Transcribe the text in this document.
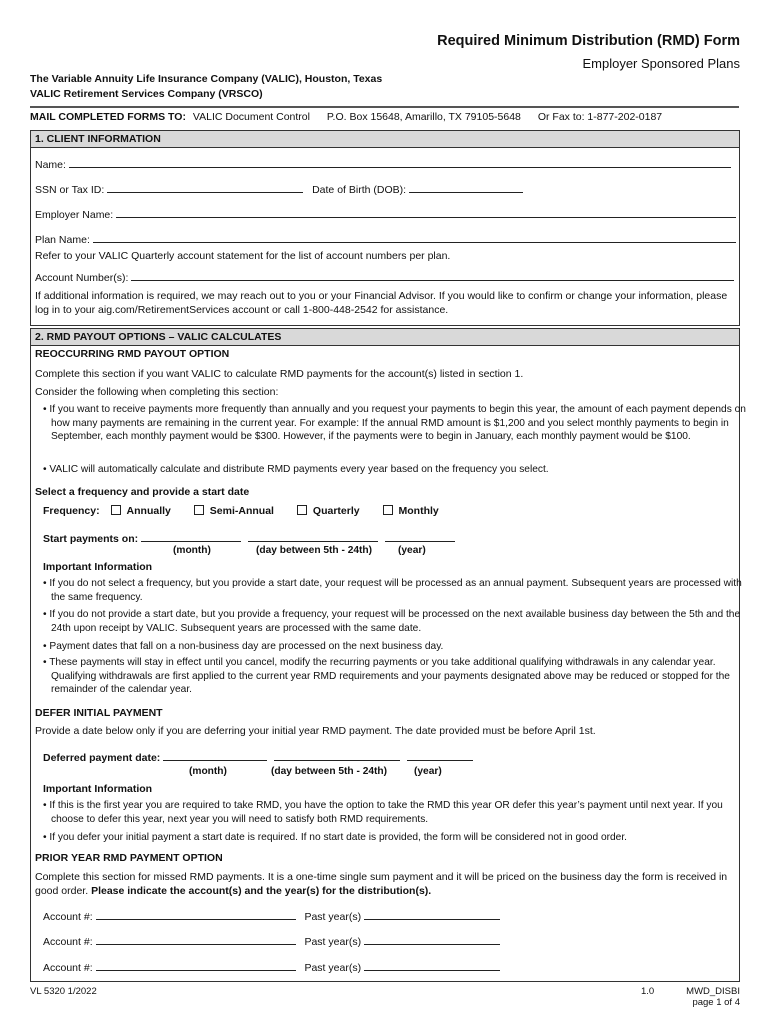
Required Minimum Distribution (RMD) Form
Employer Sponsored Plans
The Variable Annuity Life Insurance Company (VALIC), Houston, Texas
VALIC Retirement Services Company (VRSCO)
MAIL COMPLETED FORMS TO: VALIC Document Control P.O. Box 15648, Amarillo, TX 79105-5648 Or Fax to: 1-877-202-0187
1. CLIENT INFORMATION
Name:
SSN or Tax ID:	Date of Birth (DOB):
Employer Name:
Plan Name:
Refer to your VALIC Quarterly account statement for the list of account numbers per plan.
Account Number(s):
If additional information is required, we may reach out to you or your Financial Advisor. If you would like to confirm or change your information, please log in to your aig.com/RetirementServices account or call 1-800-448-2542 for assistance.
2. RMD PAYOUT OPTIONS – VALIC CALCULATES
REOCCURRING RMD PAYOUT OPTION
Complete this section if you want VALIC to calculate RMD payments for the account(s) listed in section 1.
Consider the following when completing this section:
• If you want to receive payments more frequently than annually and you request your payments to begin this year, the amount of each payment depends on how many payments are remaining in the current year. For example: If the annual RMD amount is $1,200 and you select monthly payments to begin in September, each monthly payment would be $300. However, if the payments were to begin in January, each monthly payment would be $100.
• VALIC will automatically calculate and distribute RMD payments every year based on the frequency you select.
Select a frequency and provide a start date
Frequency:	Annually	Semi-Annual	Quarterly	Monthly
Start payments on:
(month)	(day between 5th - 24th)	(year)
Important Information
• If you do not select a frequency, but you provide a start date, your request will be processed as an annual payment. Subsequent years are processed with the same frequency.
• If you do not provide a start date, but you provide a frequency, your request will be processed on the next available business day between the 5th and the 24th upon receipt by VALIC. Subsequent years are processed with the same date.
• Payment dates that fall on a non-business day are processed on the next business day.
• These payments will stay in effect until you cancel, modify the recurring payments or you take additional qualifying withdrawals in any calendar year. Qualifying withdrawals are first applied to the current year RMD requirements and your payments designated above may be reduced or stopped for the remainder of the calendar year.
DEFER INITIAL PAYMENT
Provide a date below only if you are deferring your initial year RMD payment. The date provided must be before April 1st.
Deferred payment date:
(month)	(day between 5th - 24th)	(year)
Important Information
• If this is the first year you are required to take RMD, you have the option to take the RMD this year OR defer this year’s payment until next year. If you choose to defer this year, next year you will need to satisfy both RMD requirements.
• If you defer your initial payment a start date is required. If no start date is provided, the form will be considered not in good order.
PRIOR YEAR RMD PAYMENT OPTION
Complete this section for missed RMD payments. It is a one-time single sum payment and it will be priced on the business day the form is received in good order. Please indicate the account(s) and the year(s) for the distribution(s).
Account #:	Past year(s)
Account #:	Past year(s)
Account #:	Past year(s)
VL 5320 1/2022	1.0	MWD_DISBI
page 1 of 4
